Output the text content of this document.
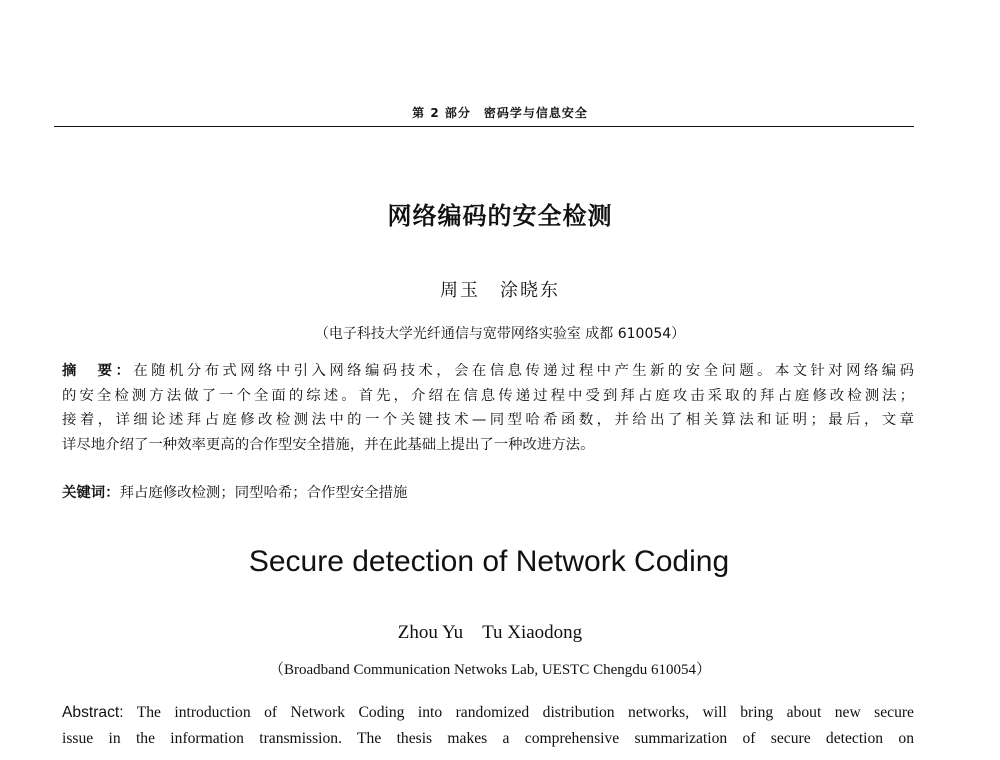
第 2 部分　密码学与信息安全
网络编码的安全检测
周玉　涂晓东
（电子科技大学光纤通信与宽带网络实验室 成都 610054）
摘　要：在随机分布式网络中引入网络编码技术，会在信息传递过程中产生新的安全问题。本文针对网络编码
的安全检测方法做了一个全面的综述。首先，介绍在信息传递过程中受到拜占庭攻击采取的拜占庭修改检测法；
接着，详细论述拜占庭修改检测法中的一个关键技术—同型哈希函数，并给出了相关算法和证明；最后，文章
详尽地介绍了一种效率更高的合作型安全措施，并在此基础上提出了一种改进方法。
关键词：拜占庭修改检测；同型哈希；合作型安全措施
Secure detection of Network Coding
Zhou Yu　Tu Xiaodong
（Broadband Communication Netwoks Lab, UESTC Chengdu 610054）
Abstract: The introduction of Network Coding into randomized distribution networks, will bring about new secure
issue in the information transmission. The thesis makes a comprehensive summarization of secure detection on
